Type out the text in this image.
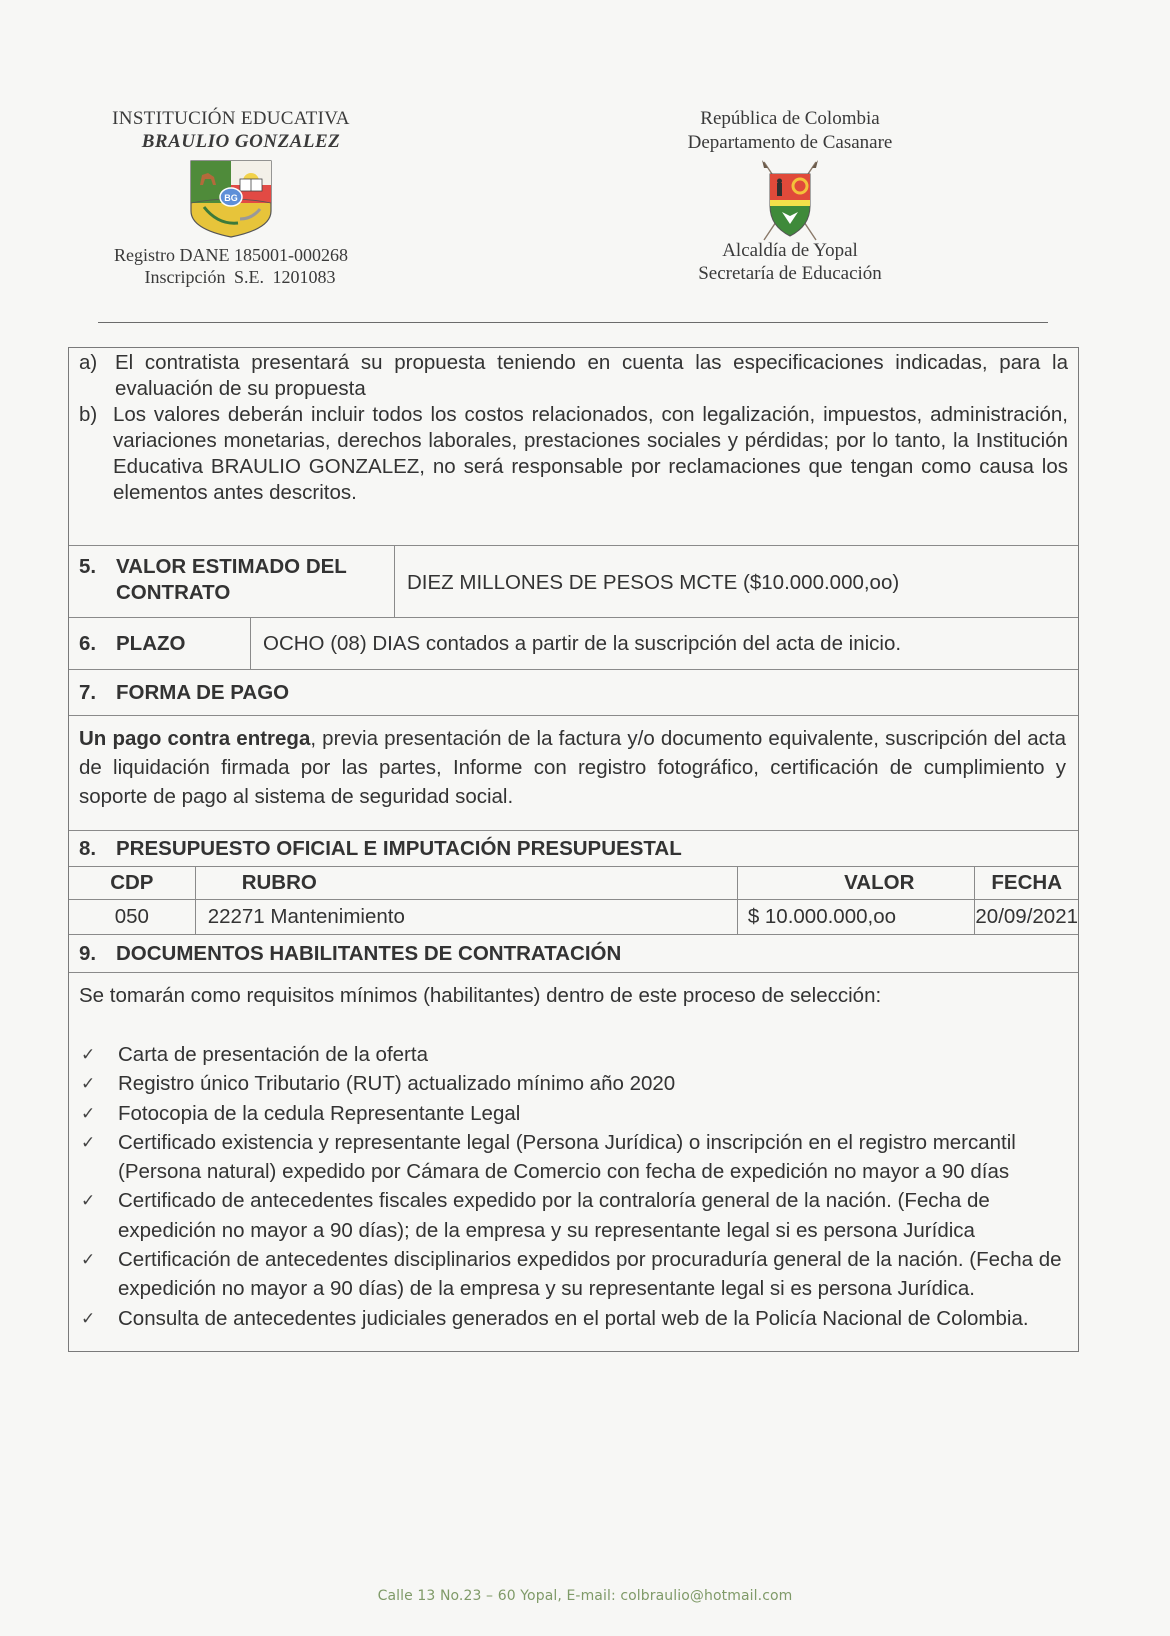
INSTITUCIÓN EDUCATIVA
BRAULIO GONZALEZ
BG
Registro DANE 185001-000268
Inscripción S.E. 1201083
República de Colombia
Departamento de Casanare
Alcaldía de Yopal
Secretaría de Educación
a) El contratista presentará su propuesta teniendo en cuenta las especificaciones indicadas, para la evaluación de su propuesta
b) Los valores deberán incluir todos los costos relacionados, con legalización, impuestos, administración, variaciones monetarias, derechos laborales, prestaciones sociales y pérdidas; por lo tanto, la Institución Educativa BRAULIO GONZALEZ, no será responsable por reclamaciones que tengan como causa los elementos antes descritos.
5. VALOR ESTIMADO DEL
CONTRATO	DIEZ MILLONES DE PESOS MCTE ($10.000.000,oo)
6. PLAZO	OCHO (08) DIAS contados a partir de la suscripción del acta de inicio.
7. FORMA DE PAGO
Un pago contra entrega, previa presentación de la factura y/o documento equivalente, suscripción del acta de liquidación firmada por las partes, Informe con registro fotográfico, certificación de cumplimiento y soporte de pago al sistema de seguridad social.
8. PRESUPUESTO OFICIAL E IMPUTACIÓN PRESUPUESTAL
CDP	RUBRO	VALOR	FECHA
050	22271 Mantenimiento	$ 10.000.000,oo	20/09/2021
9. DOCUMENTOS HABILITANTES DE CONTRATACIÓN
Se tomarán como requisitos mínimos (habilitantes) dentro de este proceso de selección:
✓	Carta de presentación de la oferta
✓	Registro único Tributario (RUT) actualizado mínimo año 2020
✓	Fotocopia de la cedula Representante Legal
✓	Certificado existencia y representante legal (Persona Jurídica) o inscripción en el registro mercantil (Persona natural) expedido por Cámara de Comercio con fecha de expedición no mayor a 90 días
✓	Certificado de antecedentes fiscales expedido por la contraloría general de la nación. (Fecha de expedición no mayor a 90 días); de la empresa y su representante legal si es persona Jurídica
✓	Certificación de antecedentes disciplinarios expedidos por procuraduría general de la nación. (Fecha de expedición no mayor a 90 días) de la empresa y su representante legal si es persona Jurídica.
✓	Consulta de antecedentes judiciales generados en el portal web de la Policía Nacional de Colombia.
Calle 13 No.23 – 60 Yopal, E-mail: colbraulio@hotmail.com
